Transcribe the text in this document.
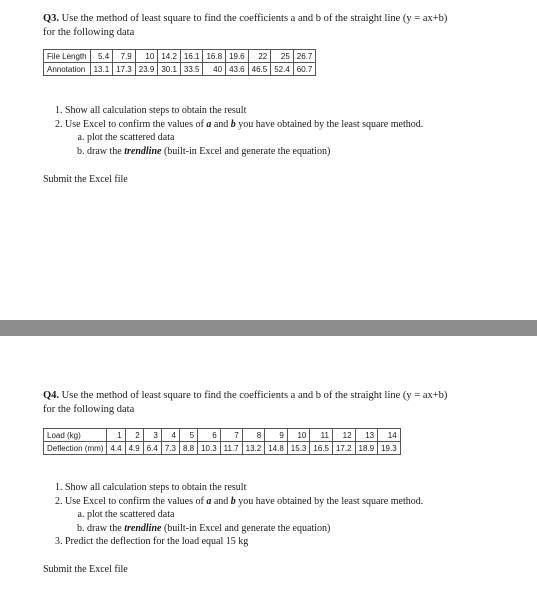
Q3. Use the method of least square to find the coefficients a and b of the straight line (y = ax+b)
for the following data
File Length	5.4	7.9	10	14.2	16.1	16.8	19.6	22	25	26.7
Annotation	13.1	17.3	23.9	30.1	33.5	40	43.6	46.5	52.4	60.7
1. Show all calculation steps to obtain the result
2. Use Excel to confirm the values of a and b you have obtained by the least square method.
a. plot the scattered data
b. draw the trendline (built-in Excel and generate the equation)
Submit the Excel file
Q4. Use the method of least square to find the coefficients a and b of the straight line (y = ax+b)
for the following data
Load (kg)	1	2	3	4	5	6	7	8	9	10	11	12	13	14
Deflection (mm)	4.4	4.9	6.4	7.3	8.8	10.3	11.7	13.2	14.8	15.3	16.5	17.2	18.9	19.3
1. Show all calculation steps to obtain the result
2. Use Excel to confirm the values of a and b you have obtained by the least square method.
a. plot the scattered data
b. draw the trendline (built-in Excel and generate the equation)
3. Predict the deflection for the load equal 15 kg
Submit the Excel file
